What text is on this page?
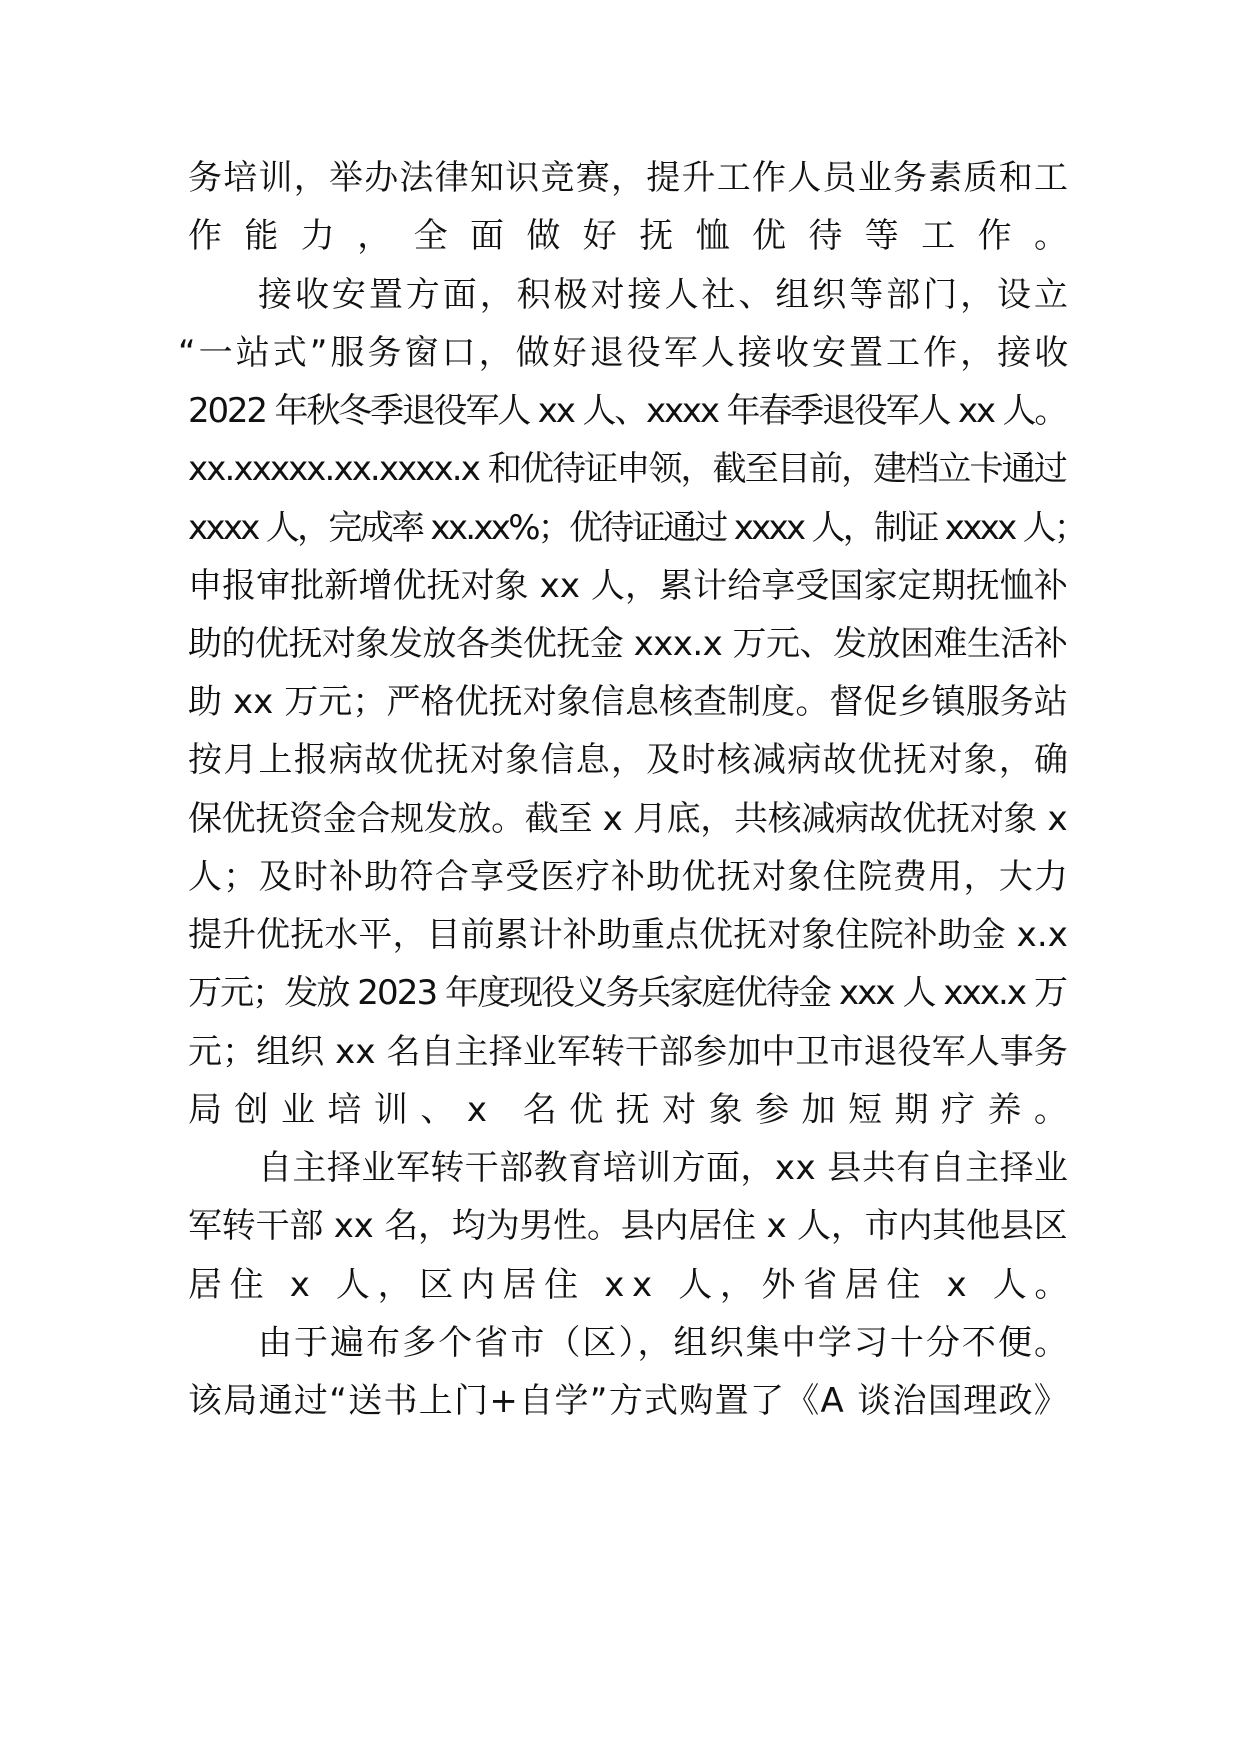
务培训，举办法律知识竞赛，提升工作人员业务素质和工
作能力，全面做好抚恤优待等工作。
接收安置方面，积极对接人社、组织等部门，设立
“一站式”服务窗口，做好退役军人接收安置工作，接收
2022 年秋冬季退役军人 xx 人、xxxx 年春季退役军人 xx 人。
xx.xxxxx.xx.xxxx.x 和优待证申领，截至目前，建档立卡通过
xxxx 人，完成率 xx.xx%；优待证通过 xxxx 人，制证 xxxx 人；
申报审批新增优抚对象 xx 人，累计给享受国家定期抚恤补
助的优抚对象发放各类优抚金 xxx.x 万元、发放困难生活补
助 xx 万元；严格优抚对象信息核查制度。督促乡镇服务站
按月上报病故优抚对象信息，及时核减病故优抚对象，确
保优抚资金合规发放。截至 x 月底，共核减病故优抚对象 x
人；及时补助符合享受医疗补助优抚对象住院费用，大力
提升优抚水平，目前累计补助重点优抚对象住院补助金 x.x
万元；发放 2023 年度现役义务兵家庭优待金 xxx 人 xxx.x 万
元；组织 xx 名自主择业军转干部参加中卫市退役军人事务
局创业培训、x 名优抚对象参加短期疗养。
自主择业军转干部教育培训方面，xx 县共有自主择业
军转干部 xx 名，均为男性。县内居住 x 人，市内其他县区
居住 x 人，区内居住 xx 人，外省居住 x 人。
由于遍布多个省市（区），组织集中学习十分不便。
该局通过“送书上门+自学”方式购置了《A 谈治国理政》
